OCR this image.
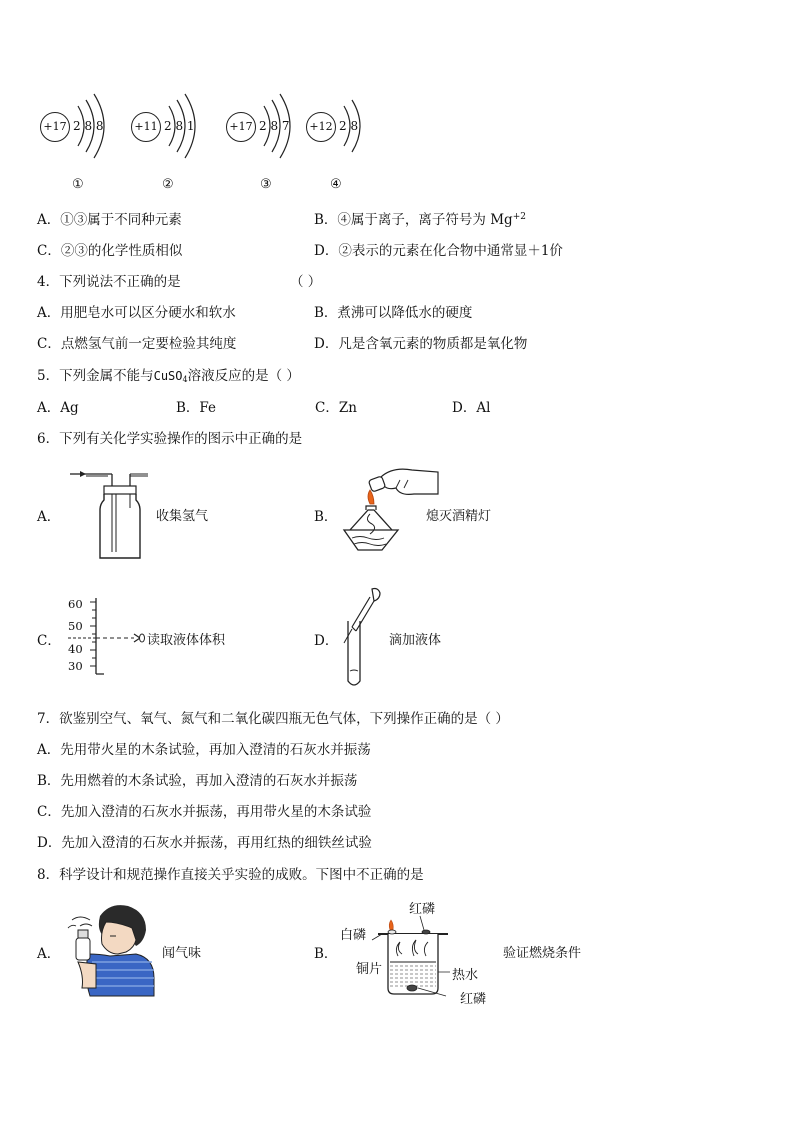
+17 2 8 8
①
+11 2 8 1
②
+17 2 8 7
③
+12 2 8
④
A．①③属于不同种元素	B．④属于离子，离子符号为 $Mg^{+2}$
C．②③的化学性质相似	D．②表示的元素在化合物中通常显＋1价
4．下列说法不正确的是	（ ）
A．用肥皂水可以区分硬水和软水	B．煮沸可以降低水的硬度
C．点燃氢气前一定要检验其纯度	D．凡是含氧元素的物质都是氧化物
5．下列金属不能与CuSO$_4$溶液反应的是（ ）
A．Ag	B．Fe	C．Zn	D．Al
6．下列有关化学实验操作的图示中正确的是
A．	收集氢气	B．	熄灭酒精灯
C．
60
50
40
30
读取液体体积	D．	滴加液体
7．欲鉴别空气、氧气、氮气和二氧化碳四瓶无色气体，下列操作正确的是（ ）
A．先用带火星的木条试验，再加入澄清的石灰水并振荡
B．先用燃着的木条试验，再加入澄清的石灰水并振荡
C．先加入澄清的石灰水并振荡，再用带火星的木条试验
D．先加入澄清的石灰水并振荡，再用红热的细铁丝试验
8．科学设计和规范操作直接关乎实验的成败。下图中不正确的是
A．	闻气味	B．
红磷
白磷
铜片	热水
红磷
验证燃烧条件
